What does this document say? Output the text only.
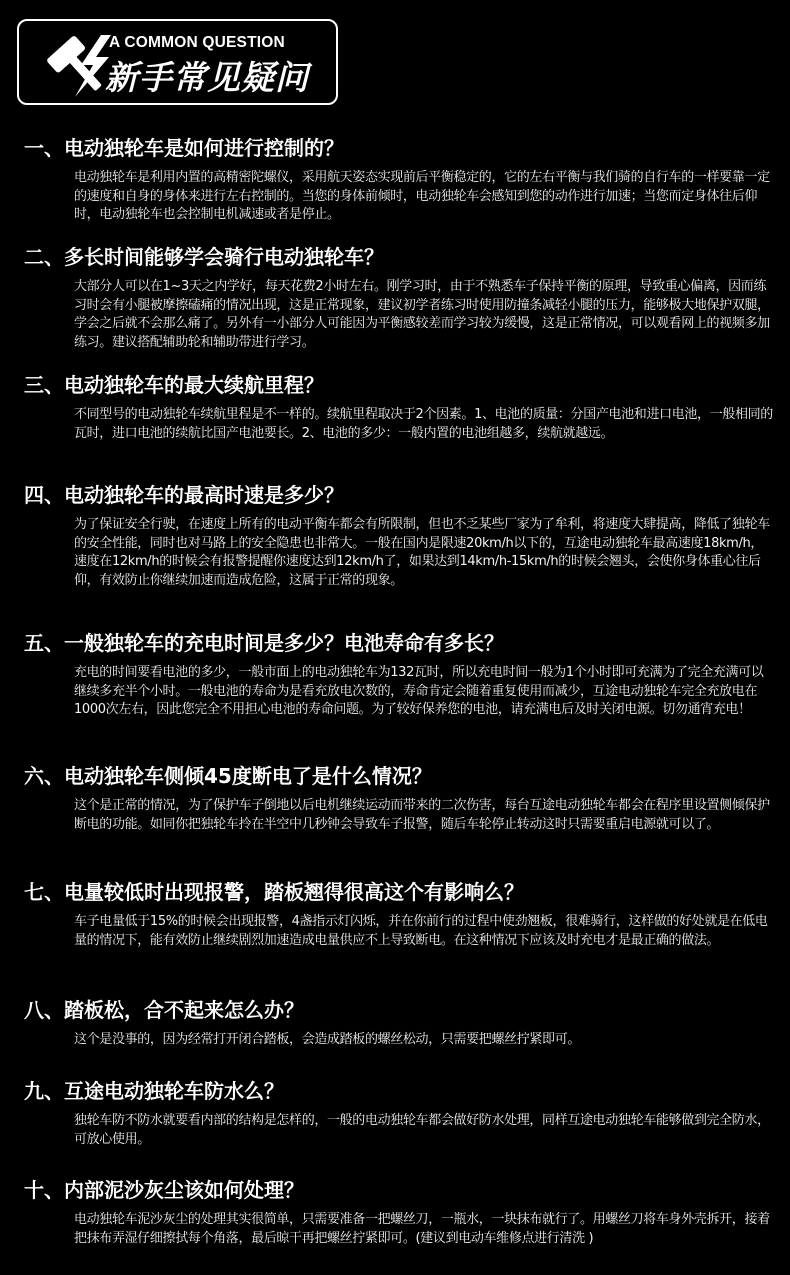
A COMMON QUESTION
新手常见疑问
一、电动独轮车是如何进行控制的？
电动独轮车是利用内置的高精密陀螺仪，采用航天姿态实现前后平衡稳定的，它的左右平衡与我们骑的自行车的一样要靠一定的速度和自身的身体来进行左右控制的。当您的身体前倾时，电动独轮车会感知到您的动作进行加速；当您而定身体往后仰时，电动独轮车也会控制电机减速或者是停止。
二、多长时间能够学会骑行电动独轮车？
大部分人可以在1~3天之内学好，每天花费2小时左右。刚学习时，由于不熟悉车子保持平衡的原理，导致重心偏离，因而练习时会有小腿被摩擦磕痛的情况出现，这是正常现象，建议初学者练习时使用防撞条减轻小腿的压力，能够极大地保护双腿，学会之后就不会那么痛了。另外有一小部分人可能因为平衡感较差而学习较为缓慢，这是正常情况，可以观看网上的视频多加练习。建议搭配辅助轮和辅助带进行学习。
三、电动独轮车的最大续航里程？
不同型号的电动独轮车续航里程是不一样的。续航里程取决于2个因素。1、电池的质量：分国产电池和进口电池，一般相同的瓦时，进口电池的续航比国产电池要长。2、电池的多少：一般内置的电池组越多，续航就越远。
四、电动独轮车的最高时速是多少？
为了保证安全行驶，在速度上所有的电动平衡车都会有所限制，但也不乏某些厂家为了牟利，将速度大肆提高，降低了独轮车的安全性能，同时也对马路上的安全隐患也非常大。一般在国内是限速20km/h以下的，互途电动独轮车最高速度18km/h，速度在12km/h的时候会有报警提醒你速度达到12km/h了，如果达到14km/h-15km/h的时候会翘头，会使你身体重心往后仰，有效防止你继续加速而造成危险，这属于正常的现象。
五、一般独轮车的充电时间是多少？电池寿命有多长？
充电的时间要看电池的多少，一般市面上的电动独轮车为132瓦时，所以充电时间一般为1个小时即可充满为了完全充满可以继续多充半个小时。一般电池的寿命为是看充放电次数的，寿命肯定会随着重复使用而减少，互途电动独轮车完全充放电在1000次左右，因此您完全不用担心电池的寿命问题。为了较好保养您的电池，请充满电后及时关闭电源。切勿通宵充电！
六、电动独轮车侧倾45度断电了是什么情况？
这个是正常的情况，为了保护车子倒地以后电机继续运动而带来的二次伤害，每台互途电动独轮车都会在程序里设置侧倾保护断电的功能。如同你把独轮车拎在半空中几秒钟会导致车子报警，随后车轮停止转动这时只需要重启电源就可以了。
七、电量较低时出现报警，踏板翘得很高这个有影响么？
车子电量低于15%的时候会出现报警，4盏指示灯闪烁，并在你前行的过程中使劲翘板，很难骑行，这样做的好处就是在低电量的情况下，能有效防止继续剧烈加速造成电量供应不上导致断电。在这种情况下应该及时充电才是最正确的做法。
八、踏板松，合不起来怎么办？
这个是没事的，因为经常打开闭合踏板，会造成踏板的螺丝松动，只需要把螺丝拧紧即可。
九、互途电动独轮车防水么？
独轮车防不防水就要看内部的结构是怎样的，一般的电动独轮车都会做好防水处理，同样互途电动独轮车能够做到完全防水，可放心使用。
十、内部泥沙灰尘该如何处理？
电动独轮车泥沙灰尘的处理其实很简单，只需要准备一把螺丝刀，一瓶水，一块抹布就行了。用螺丝刀将车身外壳拆开，接着把抹布弄湿仔细擦拭每个角落，最后晾干再把螺丝拧紧即可。(建议到电动车维修点进行清洗 )
